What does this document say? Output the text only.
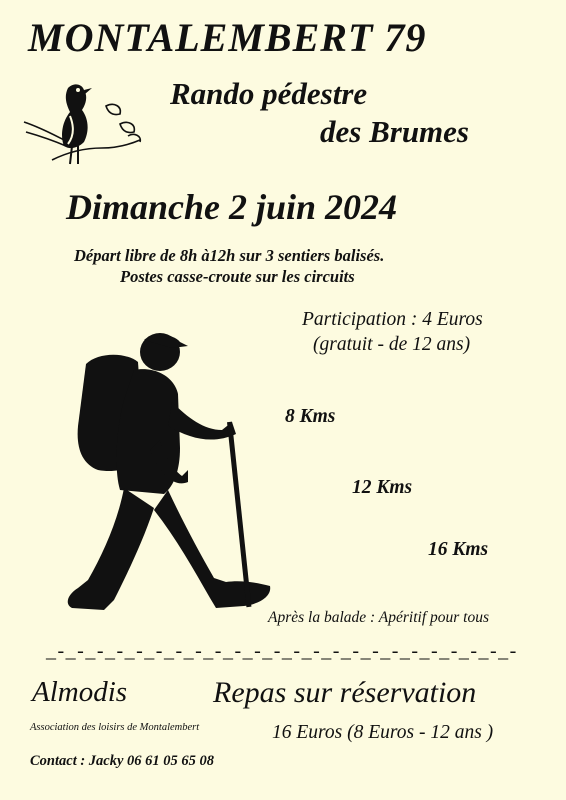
MONTALEMBERT 79
Rando pédestre
des Brumes
Dimanche 2 juin 2024
Départ libre de 8h à12h sur 3 sentiers balisés.
Postes casse-croute sur les circuits
Participation : 4 Euros
(gratuit - de 12 ans)
8 Kms
12 Kms
16 Kms
Après la balade : Apéritif pour tous
_-_-_-_-_-_-_-_-_-_-_-_-_-_-_-_-_-_-_-_-_-_-_-_-
Almodis	Repas sur réservation
Association des loisirs de Montalembert	16 Euros (8 Euros - 12 ans )
Contact : Jacky 06 61 05 65 08
